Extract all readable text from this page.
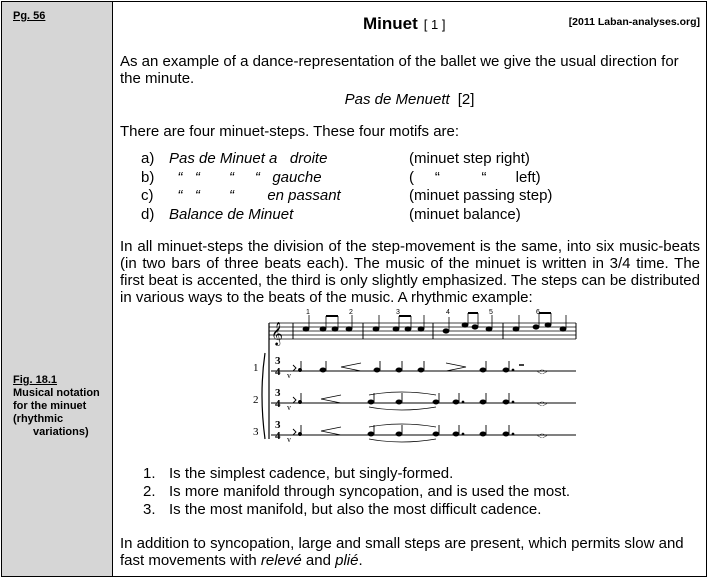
Pg. 56
Fig. 18.1
Musical notation
for the minuet
(rhythmic
variations)
Minuet [ 1 ]	[2011 Laban-analyses.org]
As an example of a dance-representation of the ballet we give the usual direction for the minute.
Pas de Menuett [2]
There are four minuet-steps. These four motifs are:
a) Pas de Minuet a   droite	(minuet step right)
b) “   “       “     “   gauche	(     “          “       left)
c) “   “       “        en passant	(minuet passing step)
d) Balance de Minuet	(minuet balance)
In all minuet-steps the division of the step-movement is the same, into six music-beats (in two bars of three beats each). The music of the minuet is written in 3/4 time. The first beat is accented, the third is only slightly emphasized. The steps can be distributed in various ways to the beats of the music. A rhythmic example:
𝄞
1	2	3	4	5	6
1
2
3
3
4
3
4
3
4
v
v
v
<>
<>
<>
1. Is the simplest cadence, but singly-formed.
2. Is more manifold through syncopation, and is used the most.
3. Is the most manifold, but also the most difficult cadence.
In addition to syncopation, large and small steps are present, which permits slow and fast movements with relevé and plié.
